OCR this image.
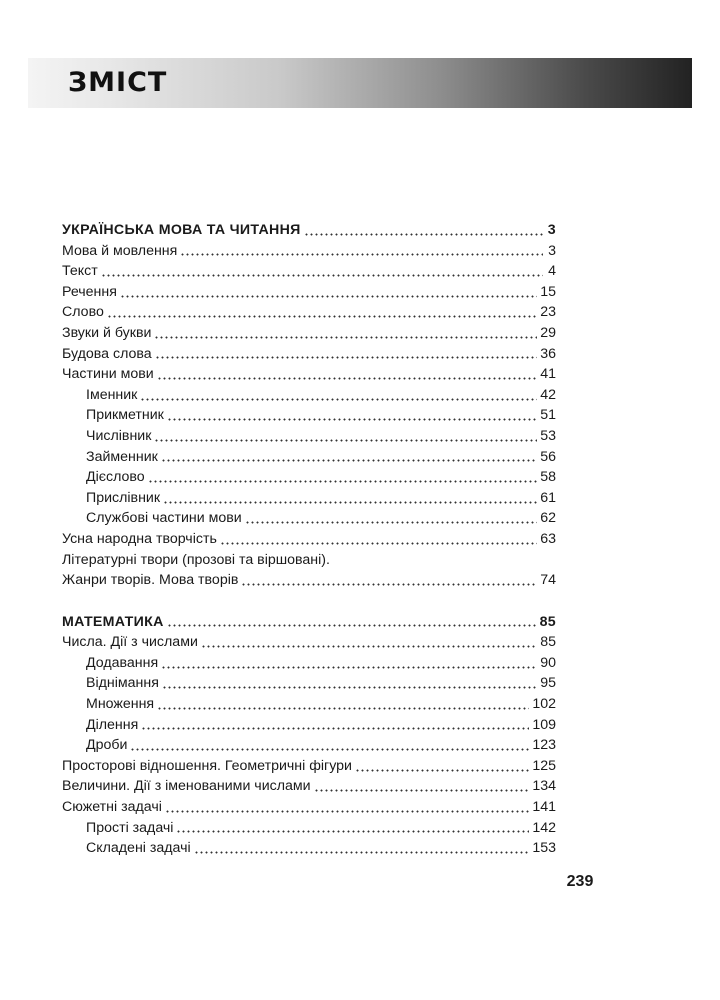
ЗМІСТ
УКРАЇНСЬКА МОВА ТА ЧИТАННЯ	3
Мова й мовлення	3
Текст	4
Речення	15
Слово	23
Звуки й букви	29
Будова слова	36
Частини мови	41
Іменник	42
Прикметник	51
Числівник	53
Займенник	56
Дієслово	58
Прислівник	61
Службові частини мови	62
Усна народна творчість	63
Літературні твори (прозові та віршовані).
Жанри творів. Мова творів	74
МАТЕМАТИКА	85
Числа. Дії з числами	85
Додавання	90
Віднімання	95
Множення	102
Ділення	109
Дроби	123
Просторові відношення. Геометричні фігури	125
Величини. Дії з іменованими числами	134
Сюжетні задачі	141
Прості задачі	142
Складені задачі	153
239
